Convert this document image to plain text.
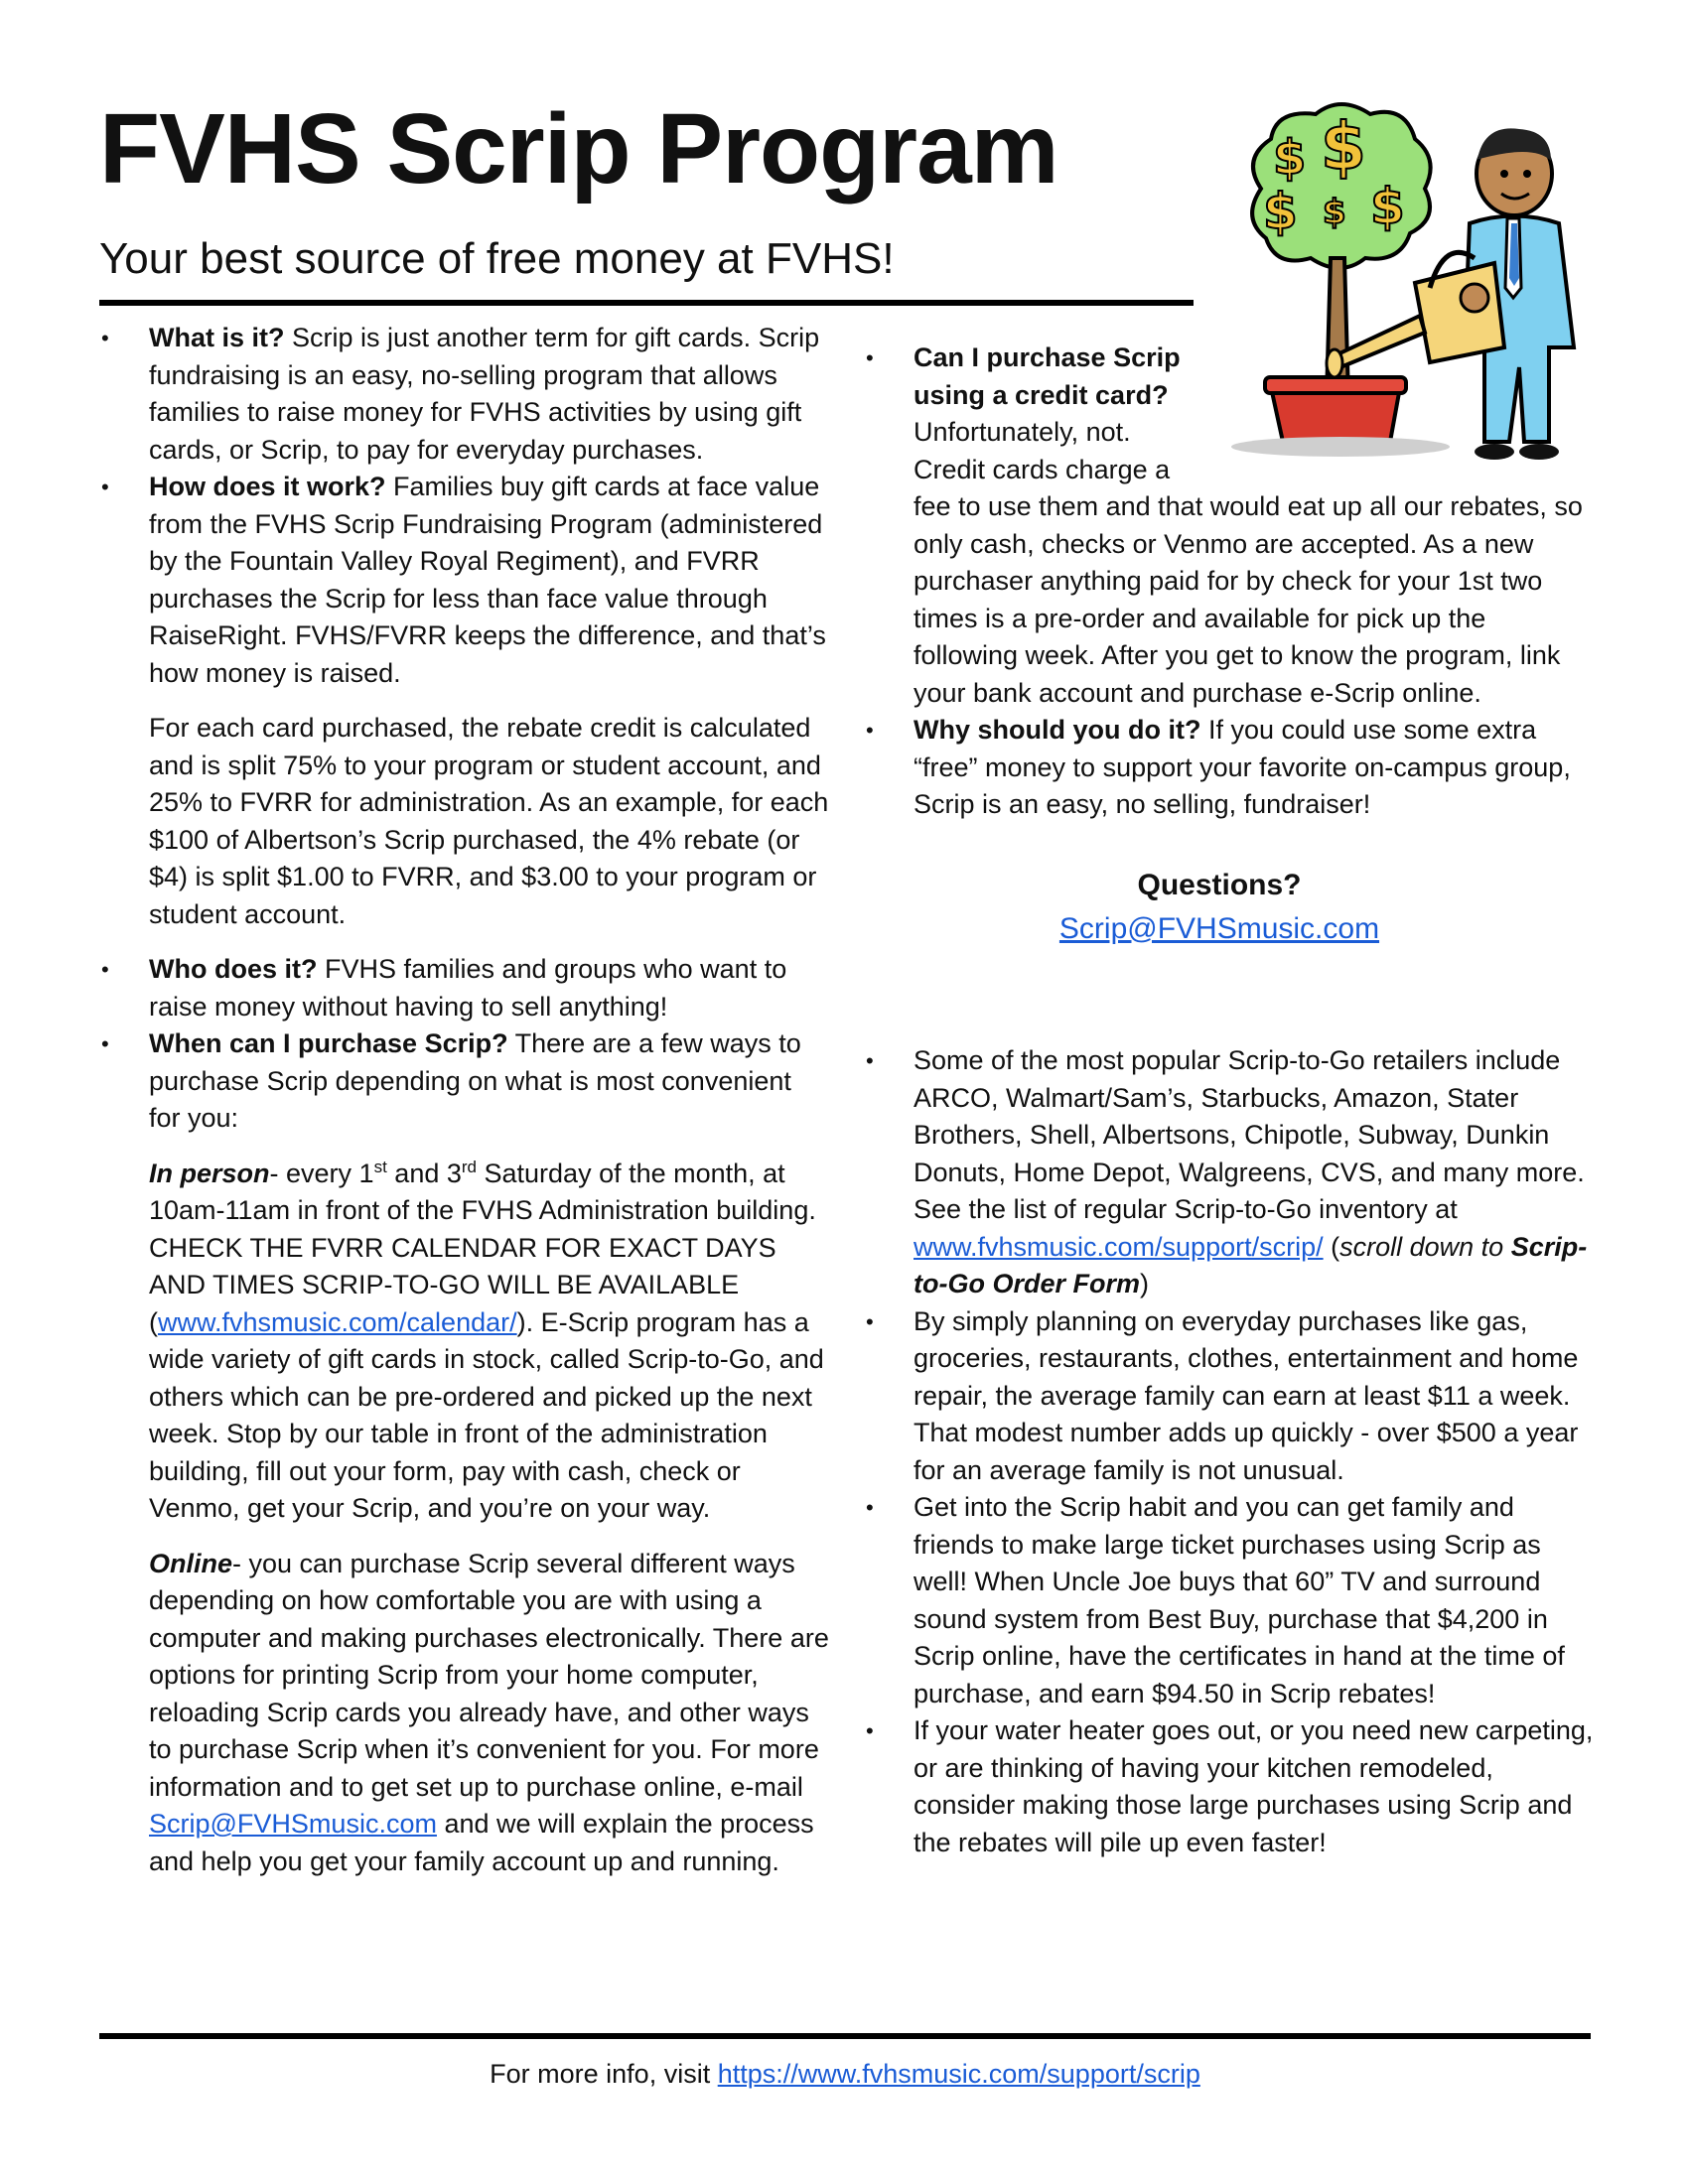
FVHS Scrip Program
Your best source of free money at FVHS!
$ $
$ $ $
• What is it? Scrip is just another term for gift cards. Scrip fundraising is an easy, no-selling program that allows families to raise money for FVHS activities by using gift cards, or Scrip, to pay for everyday purchases.
• How does it work? Families buy gift cards at face value from the FVHS Scrip Fundraising Program (administered by the Fountain Valley Royal Regiment), and FVRR purchases the Scrip for less than face value through RaiseRight. FVHS/FVRR keeps the difference, and that’s how money is raised.

For each card purchased, the rebate credit is calculated and is split 75% to your program or student account, and 25% to FVRR for administration. As an example, for each $100 of Albertson’s Scrip purchased, the 4% rebate (or $4) is split $1.00 to FVRR, and $3.00 to your program or student account.

• Who does it? FVHS families and groups who want to raise money without having to sell anything!
• When can I purchase Scrip? There are a few ways to purchase Scrip depending on what is most convenient for you:

In person- every 1st and 3rd Saturday of the month, at 10am-11am in front of the FVHS Administration building. CHECK THE FVRR CALENDAR FOR EXACT DAYS AND TIMES SCRIP-TO-GO WILL BE AVAILABLE (www.fvhsmusic.com/calendar/). E-Scrip program has a wide variety of gift cards in stock, called Scrip-to-Go, and others which can be pre-ordered and picked up the next week. Stop by our table in front of the administration building, fill out your form, pay with cash, check or Venmo, get your Scrip, and you’re on your way.

Online- you can purchase Scrip several different ways depending on how comfortable you are with using a computer and making purchases electronically. There are options for printing Scrip from your home computer, reloading Scrip cards you already have, and other ways to purchase Scrip when it’s convenient for you. For more information and to get set up to purchase online, e-mail Scrip@FVHSmusic.com and we will explain the process and help you get your family account up and running.

• Can I purchase Scrip
using a credit card?
Unfortunately, not.
Credit cards charge a
fee to use them and that would eat up all our rebates, so only cash, checks or Venmo are accepted. As a new purchaser anything paid for by check for your 1st two times is a pre-order and available for pick up the following week. After you get to know the program, link your bank account and purchase e-Scrip online.
• Why should you do it? If you could use some extra “free” money to support your favorite on-campus group, Scrip is an easy, no selling, fundraiser!
Questions?
Scrip@FVHSmusic.com
• Some of the most popular Scrip-to-Go retailers include ARCO, Walmart/Sam’s, Starbucks, Amazon, Stater Brothers, Shell, Albertsons, Chipotle, Subway, Dunkin Donuts, Home Depot, Walgreens, CVS, and many more. See the list of regular Scrip-to-Go inventory at www.fvhsmusic.com/support/scrip/ (scroll down to Scrip-to-Go Order Form)
• By simply planning on everyday purchases like gas, groceries, restaurants, clothes, entertainment and home repair, the average family can earn at least $11 a week. That modest number adds up quickly - over $500 a year for an average family is not unusual.
• Get into the Scrip habit and you can get family and friends to make large ticket purchases using Scrip as well! When Uncle Joe buys that 60” TV and surround sound system from Best Buy, purchase that $4,200 in Scrip online, have the certificates in hand at the time of purchase, and earn $94.50 in Scrip rebates!
• If your water heater goes out, or you need new carpeting, or are thinking of having your kitchen remodeled, consider making those large purchases using Scrip and the rebates will pile up even faster!
For more info, visit https://www.fvhsmusic.com/support/scrip
